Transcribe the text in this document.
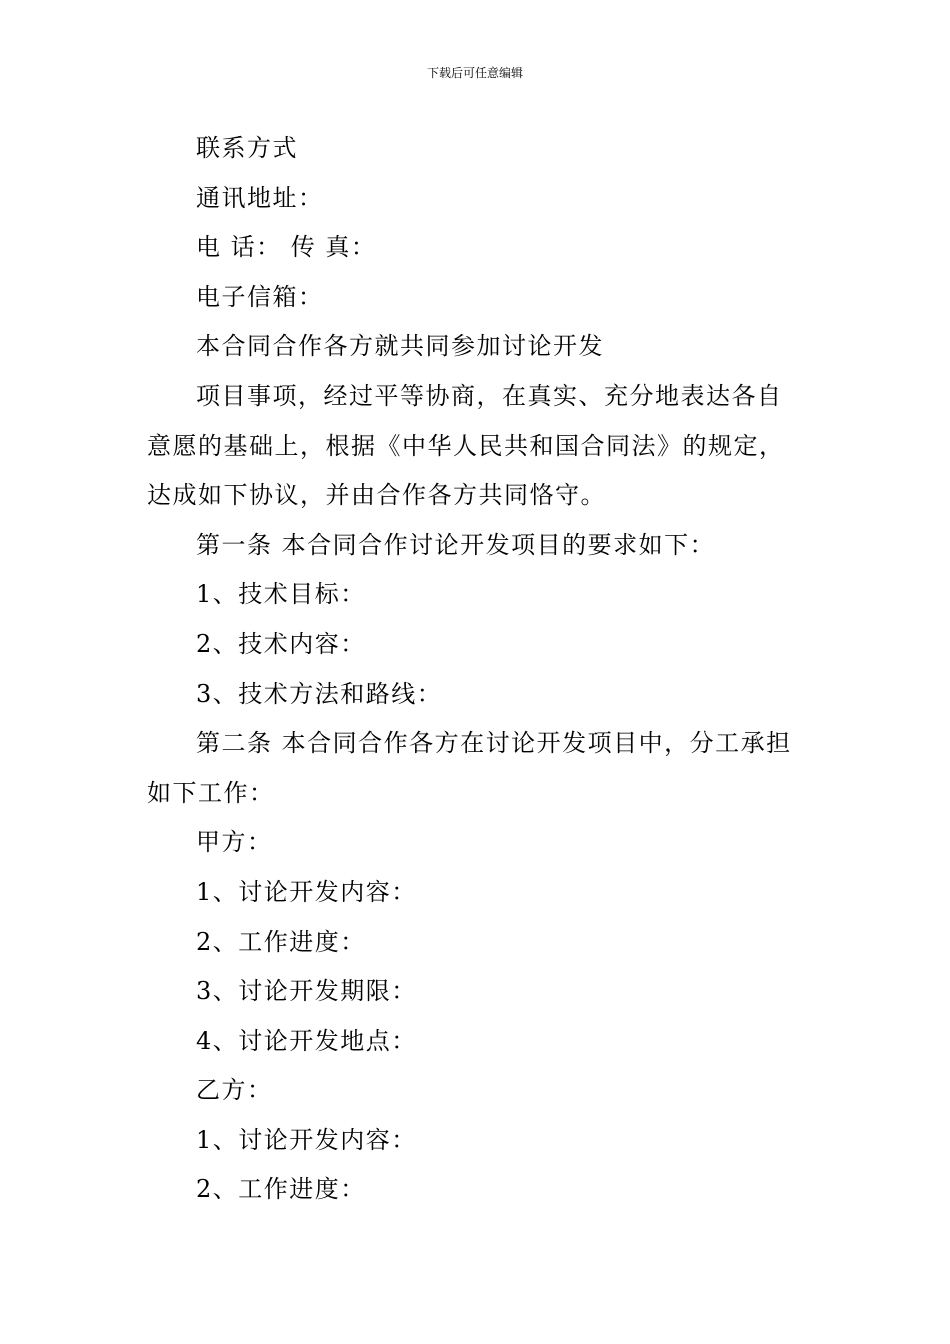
下载后可任意编辑
联系方式
通讯地址：
电 话： 传 真：
电子信箱：
本合同合作各方就共同参加讨论开发
项目事项，经过平等协商，在真实、充分地表达各自
意愿的基础上，根据《中华人民共和国合同法》的规定，
达成如下协议，并由合作各方共同恪守。
第一条 本合同合作讨论开发项目的要求如下：
1、技术目标：
2、技术内容：
3、技术方法和路线：
第二条 本合同合作各方在讨论开发项目中，分工承担
如下工作：
甲方：
1、讨论开发内容：
2、工作进度：
3、讨论开发期限：
4、讨论开发地点：
乙方：
1、讨论开发内容：
2、工作进度：
